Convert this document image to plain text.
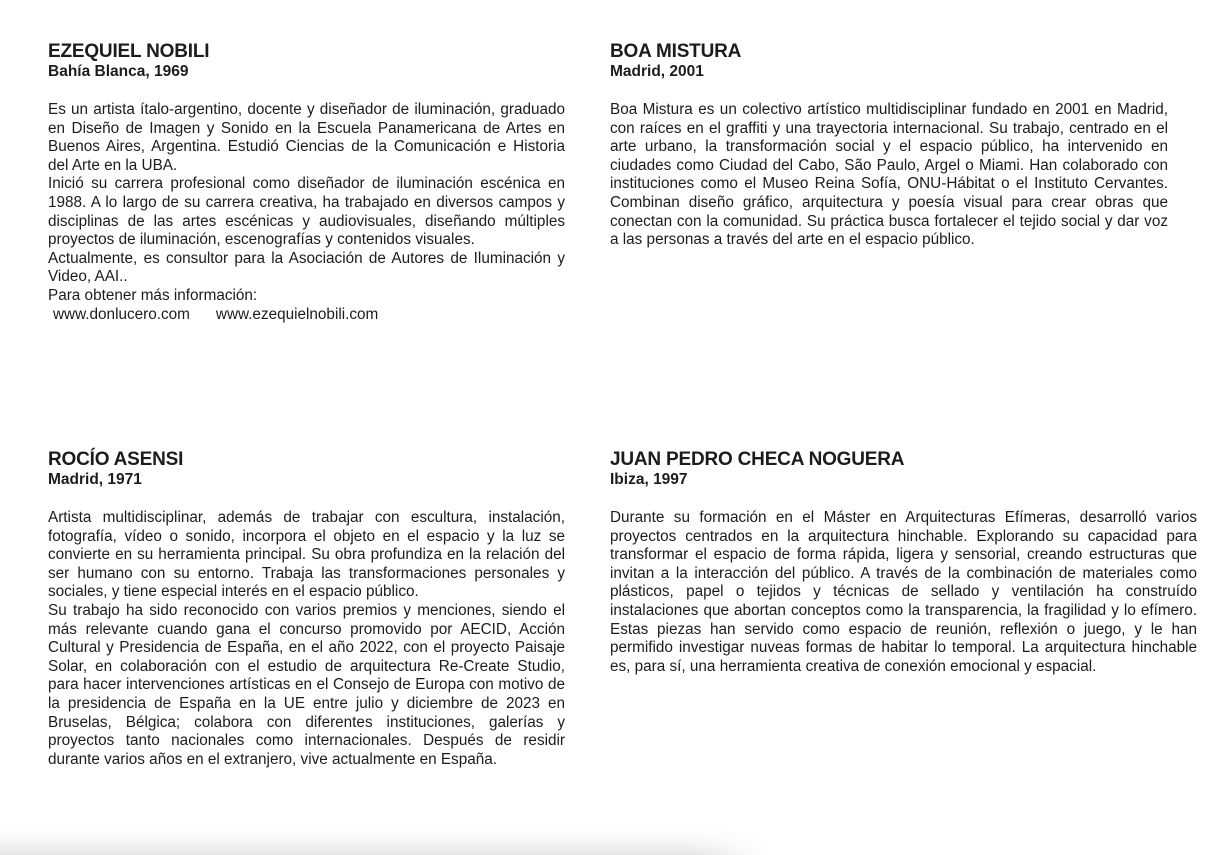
EZEQUIEL NOBILI

Bahía Blanca, 1969

Es un artista ítalo-argentino, docente y diseñador de iluminación, graduado en Diseño de Imagen y Sonido en la Escuela Panamericana de Artes en Buenos Aires, Argentina. Estudió Ciencias de la Comunicación e Historia del Arte en la UBA.

Inició su carrera profesional como diseñador de iluminación escénica en 1988. A lo largo de su carrera creativa, ha trabajado en diversos campos y disciplinas de las artes escénicas y audiovisuales, diseñando múltiples proyectos de iluminación, escenografías y contenidos visuales.

Actualmente, es consultor para la Asociación de Autores de Iluminación y Video, AAI..

Para obtener más información:

www.donlucero.com www.ezequielnobili.com

BOA MISTURA

Madrid, 2001

Boa Mistura es un colectivo artístico multidisciplinar fundado en 2001 en Madrid, con raíces en el graffiti y una trayectoria internacional. Su trabajo, centrado en el arte urbano, la transformación social y el espacio público, ha intervenido en ciudades como Ciudad del Cabo, São Paulo, Argel o Miami. Han colaborado con instituciones como el Museo Reina Sofía, ONU-Hábitat o el Instituto Cervantes. Combinan diseño gráfico, arquitectura y poesía visual para crear obras que conectan con la comunidad. Su práctica busca fortalecer el tejido social y dar voz a las personas a través del arte en el espacio público.

ROCÍO ASENSI

Madrid, 1971

Artista multidisciplinar, además de trabajar con escultura, instalación, fotografía, vídeo o sonido, incorpora el objeto en el espacio y la luz se convierte en su herramienta principal. Su obra profundiza en la relación del ser humano con su entorno. Trabaja las transformaciones personales y sociales, y tiene especial interés en el espacio público.

Su trabajo ha sido reconocido con varios premios y menciones, siendo el más relevante cuando gana el concurso promovido por AECID, Acción Cultural y Presidencia de España, en el año 2022, con el proyecto Paisaje Solar, en colaboración con el estudio de arquitectura Re-Create Studio, para hacer intervenciones artísticas en el Consejo de Europa con motivo de la presidencia de España en la UE entre julio y diciembre de 2023 en Bruselas, Bélgica; colabora con diferentes instituciones, galerías y proyectos tanto nacionales como internacionales. Después de residir durante varios años en el extranjero, vive actualmente en España.

JUAN PEDRO CHECA NOGUERA

Ibiza, 1997

Durante su formación en el Máster en Arquitecturas Efímeras, desarrolló varios proyectos centrados en la arquitectura hinchable. Explorando su capacidad para transformar el espacio de forma rápida, ligera y sensorial, creando estructuras que invitan a la interacción del público. A través de la combinación de materiales como plásticos, papel o tejidos y técnicas de sellado y ventilación ha construído instalaciones que abortan conceptos como la transparencia, la fragilidad y lo efímero. Estas piezas han servido como espacio de reunión, reflexión o juego, y le han permifido investigar nuveas formas de habitar lo temporal. La arquitectura hinchable es, para sí, una herramienta creativa de conexión emocional y espacial.
